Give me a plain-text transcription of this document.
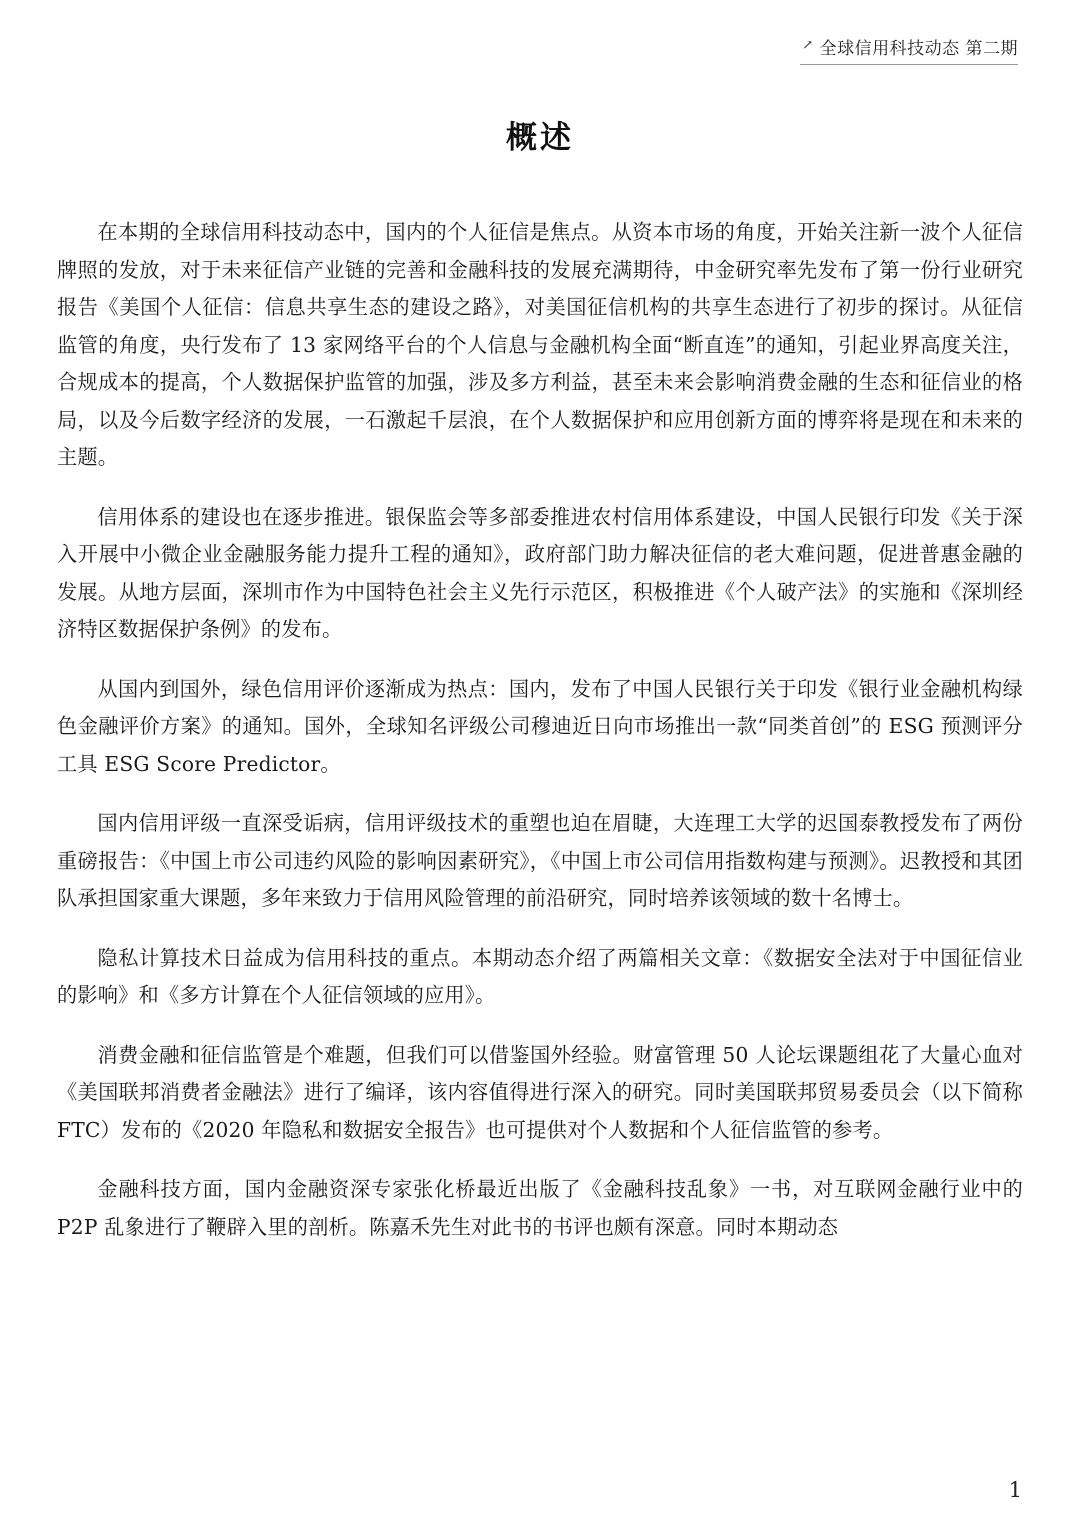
↗ 全球信用科技动态 第二期
概述

在本期的全球信用科技动态中，国内的个人征信是焦点。从资本市场的角度，开始关注新一波个人征信牌照的发放，对于未来征信产业链的完善和金融科技的发展充满期待，中金研究率先发布了第一份行业研究报告《美国个人征信：信息共享生态的建设之路》，对美国征信机构的共享生态进行了初步的探讨。从征信监管的角度，央行发布了 13 家网络平台的个人信息与金融机构全面“断直连”的通知，引起业界高度关注，合规成本的提高，个人数据保护监管的加强，涉及多方利益，甚至未来会影响消费金融的生态和征信业的格局，以及今后数字经济的发展，一石激起千层浪，在个人数据保护和应用创新方面的博弈将是现在和未来的主题。

信用体系的建设也在逐步推进。银保监会等多部委推进农村信用体系建设，中国人民银行印发《关于深入开展中小微企业金融服务能力提升工程的通知》，政府部门助力解决征信的老大难问题，促进普惠金融的发展。从地方层面，深圳市作为中国特色社会主义先行示范区，积极推进《个人破产法》的实施和《深圳经济特区数据保护条例》的发布。

从国内到国外，绿色信用评价逐渐成为热点：国内，发布了中国人民银行关于印发《银行业金融机构绿色金融评价方案》的通知。国外，全球知名评级公司穆迪近日向市场推出一款“同类首创”的 ESG 预测评分工具 ESG Score Predictor。

国内信用评级一直深受诟病，信用评级技术的重塑也迫在眉睫，大连理工大学的迟国泰教授发布了两份重磅报告：《中国上市公司违约风险的影响因素研究》，《中国上市公司信用指数构建与预测》。迟教授和其团队承担国家重大课题，多年来致力于信用风险管理的前沿研究，同时培养该领域的数十名博士。

隐私计算技术日益成为信用科技的重点。本期动态介绍了两篇相关文章：《数据安全法对于中国征信业的影响》和《多方计算在个人征信领域的应用》。

消费金融和征信监管是个难题，但我们可以借鉴国外经验。财富管理 50 人论坛课题组花了大量心血对《美国联邦消费者金融法》进行了编译，该内容值得进行深入的研究。同时美国联邦贸易委员会（以下简称 FTC）发布的《2020 年隐私和数据安全报告》也可提供对个人数据和个人征信监管的参考。

金融科技方面，国内金融资深专家张化桥最近出版了《金融科技乱象》一书，对互联网金融行业中的 P2P 乱象进行了鞭辟入里的剖析。陈嘉禾先生对此书的书评也颇有深意。同时本期动态

1
